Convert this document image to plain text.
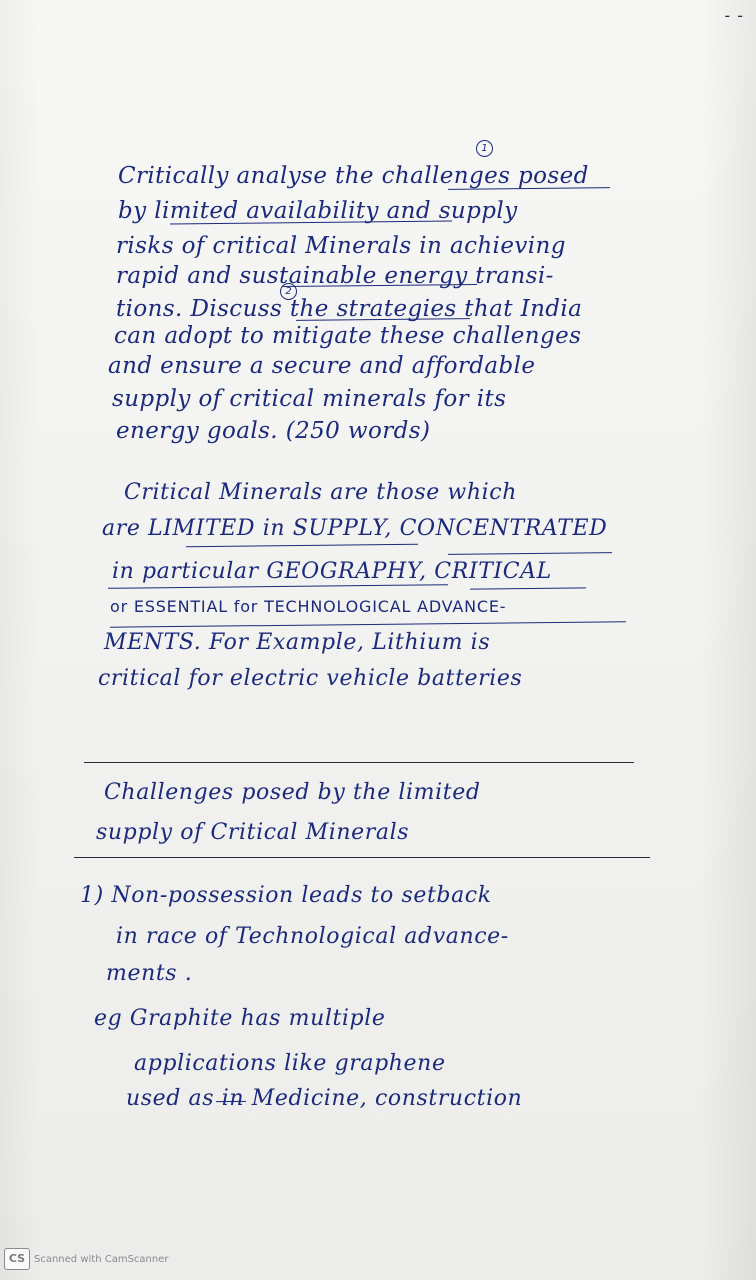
- -
1
2
Critically analyse the challenges posed
by limited availability and supply
risks of critical Minerals in achieving
rapid and sustainable energy transi-
tions. Discuss the strategies that India
can adopt to mitigate these challenges
and ensure a secure and affordable
supply of critical minerals for its
energy goals. (250 words)
Critical Minerals are those which
are LIMITED in SUPPLY, CONCENTRATED
in particular GEOGRAPHY, CRITICAL
or ESSENTIAL for TECHNOLOGICAL ADVANCE-
MENTS. For Example, Lithium is
critical for electric vehicle batteries
Challenges posed by the limited
supply of Critical Minerals
1) Non-possession leads to setback
in race of Technological advance-
ments .
eg Graphite has multiple
applications like graphene
used as in Medicine, construction
CS Scanned with CamScanner
